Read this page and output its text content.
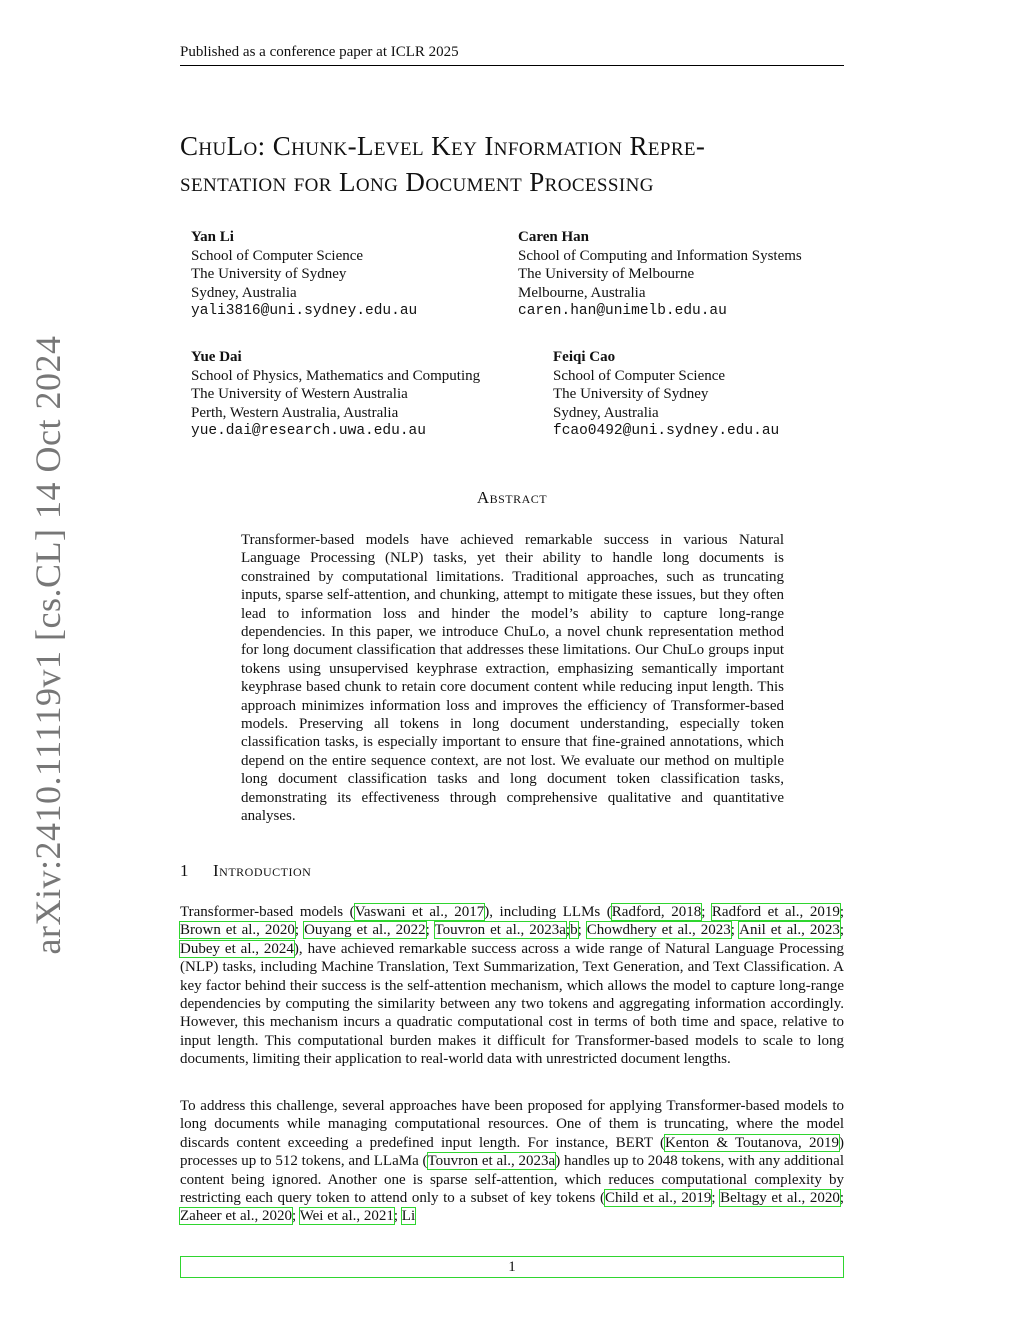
Published as a conference paper at ICLR 2025
ChuLo: Chunk-Level Key Information Repre-
sentation for Long Document Processing
Yan Li
School of Computer Science
The University of Sydney
Sydney, Australia
yali3816@uni.sydney.edu.au
Caren Han
School of Computing and Information Systems
The University of Melbourne
Melbourne, Australia
caren.han@unimelb.edu.au
Yue Dai
School of Physics, Mathematics and Computing
The University of Western Australia
Perth, Western Australia, Australia
yue.dai@research.uwa.edu.au
Feiqi Cao
School of Computer Science
The University of Sydney
Sydney, Australia
fcao0492@uni.sydney.edu.au
arXiv:2410.11119v1 [cs.CL] 14 Oct 2024	Abstract
Transformer-based models have achieved remarkable success in various Natural Language Processing (NLP) tasks, yet their ability to handle long documents is constrained by computational limitations. Traditional approaches, such as truncating inputs, sparse self-attention, and chunking, attempt to mitigate these issues, but they often lead to information loss and hinder the model’s ability to capture long-range dependencies. In this paper, we introduce ChuLo, a novel chunk representation method for long document classification that addresses these limitations. Our ChuLo groups input tokens using unsupervised keyphrase extraction, emphasizing semantically important keyphrase based chunk to retain core document content while reducing input length. This approach minimizes information loss and improves the efficiency of Transformer-based models. Preserving all tokens in long document understanding, especially token classification tasks, is especially important to ensure that fine-grained annotations, which depend on the entire sequence context, are not lost. We evaluate our method on multiple long document classification tasks and long document token classification tasks, demonstrating its effectiveness through comprehensive qualitative and quantitative analyses.
1 Introduction
Transformer-based models (Vaswani et al., 2017), including LLMs (Radford, 2018; Radford et al., 2019; Brown et al., 2020; Ouyang et al., 2022; Touvron et al., 2023a;b; Chowdhery et al., 2023; Anil et al., 2023; Dubey et al., 2024), have achieved remarkable success across a wide range of Natural Language Processing (NLP) tasks, including Machine Translation, Text Summarization, Text Generation, and Text Classification. A key factor behind their success is the self-attention mechanism, which allows the model to capture long-range dependencies by computing the similarity between any two tokens and aggregating information accordingly. However, this mechanism incurs a quadratic computational cost in terms of both time and space, relative to input length. This computational burden makes it difficult for Transformer-based models to scale to long documents, limiting their application to real-world data with unrestricted document lengths.
To address this challenge, several approaches have been proposed for applying Transformer-based models to long documents while managing computational resources. One of them is truncating, where the model discards content exceeding a predefined input length. For instance, BERT (Kenton & Toutanova, 2019) processes up to 512 tokens, and LLaMa (Touvron et al., 2023a) handles up to 2048 tokens, with any additional content being ignored. Another one is sparse self-attention, which reduces computational complexity by restricting each query token to attend only to a subset of key tokens (Child et al., 2019; Beltagy et al., 2020; Zaheer et al., 2020; Wei et al., 2021; Li
1
